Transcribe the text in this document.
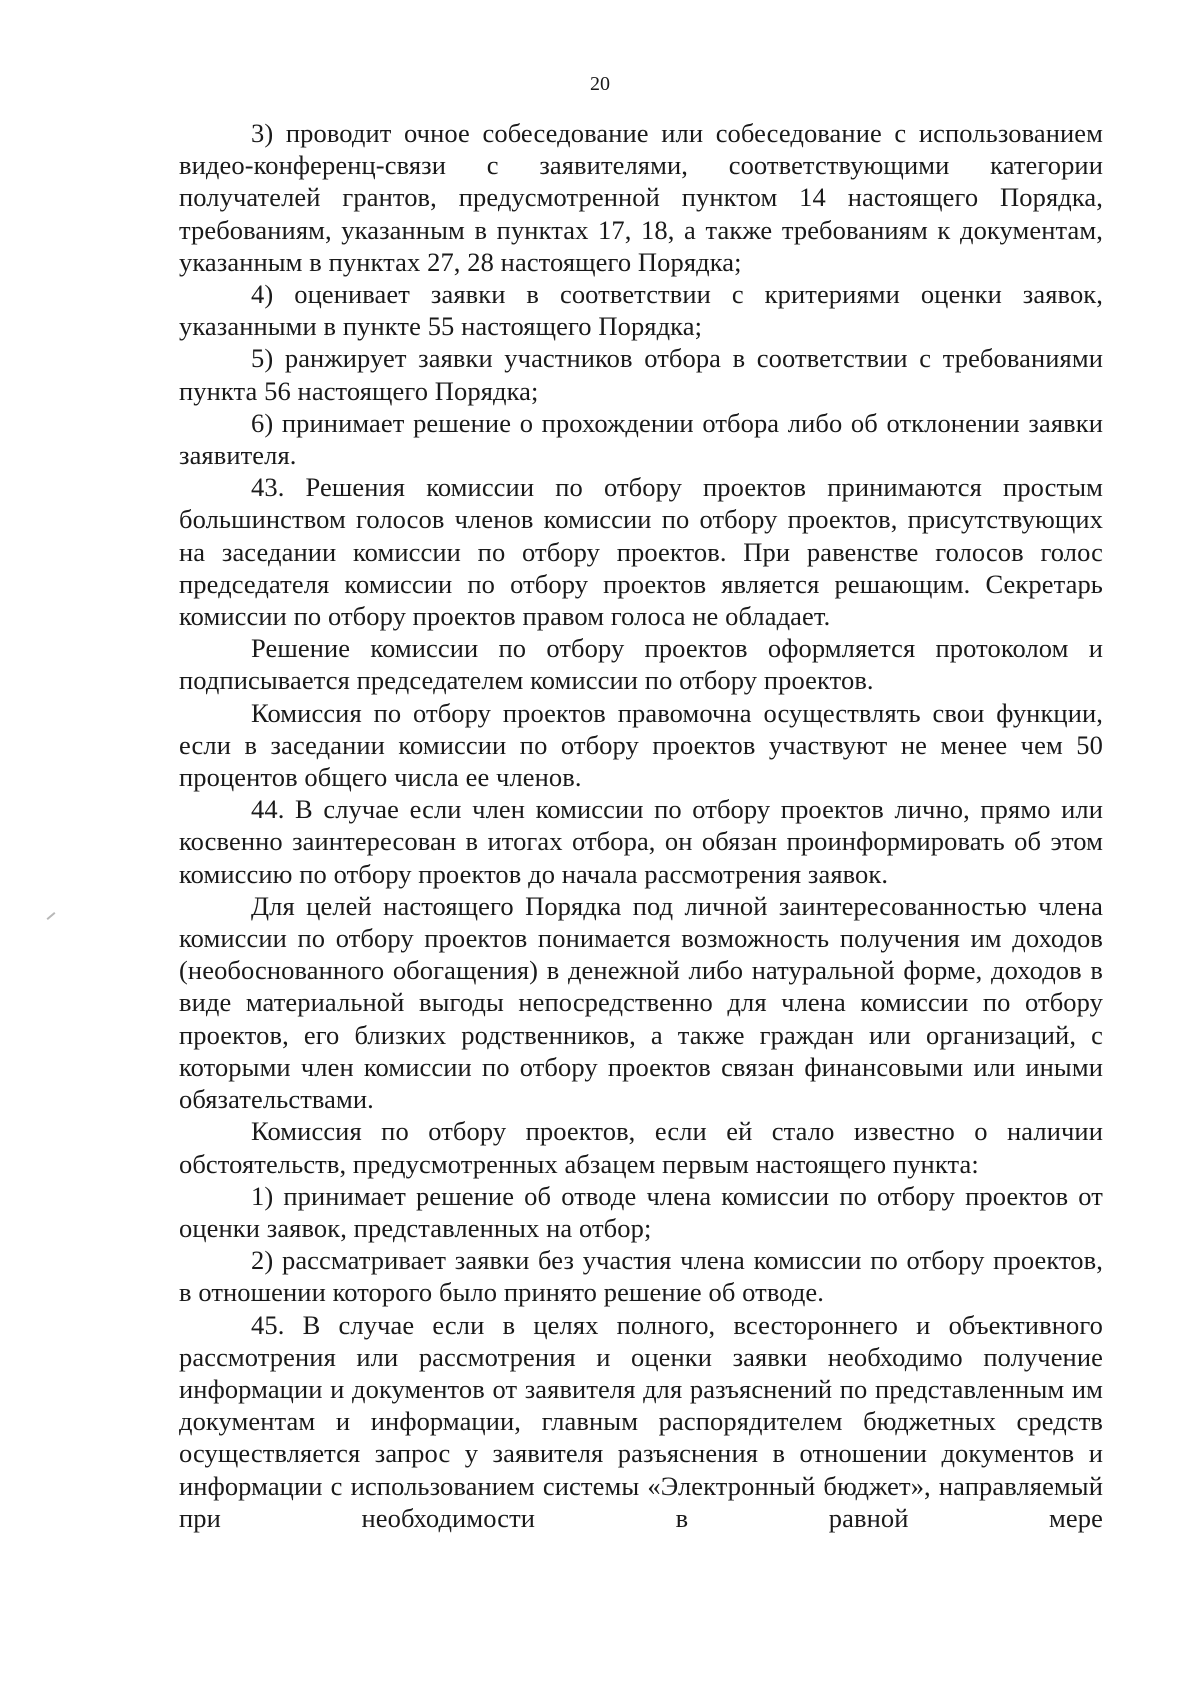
20

3) проводит очное собеседование или собеседование с использованием видео-конференц-связи с заявителями, соответствующими категории получателей грантов, предусмотренной пунктом 14 настоящего Порядка, требованиям, указанным в пунктах 17, 18, а также требованиям к документам, указанным в пунктах 27, 28 настоящего Порядка;

4) оценивает заявки в соответствии с критериями оценки заявок, указанными в пункте 55 настоящего Порядка;

5) ранжирует заявки участников отбора в соответствии с требованиями пункта 56 настоящего Порядка;

6) принимает решение о прохождении отбора либо об отклонении заявки заявителя.

43. Решения комиссии по отбору проектов принимаются простым большинством голосов членов комиссии по отбору проектов, присутствующих на заседании комиссии по отбору проектов. При равенстве голосов голос председателя комиссии по отбору проектов является решающим. Секретарь комиссии по отбору проектов правом голоса не обладает.

Решение комиссии по отбору проектов оформляется протоколом и подписывается председателем комиссии по отбору проектов.

Комиссия по отбору проектов правомочна осуществлять свои функции, если в заседании комиссии по отбору проектов участвуют не менее чем 50 процентов общего числа ее членов.

44. В случае если член комиссии по отбору проектов лично, прямо или косвенно заинтересован в итогах отбора, он обязан проинформировать об этом комиссию по отбору проектов до начала рассмотрения заявок.

Для целей настоящего Порядка под личной заинтересованностью члена комиссии по отбору проектов понимается возможность получения им доходов (необоснованного обогащения) в денежной либо натуральной форме, доходов в виде материальной выгоды непосредственно для члена комиссии по отбору проектов, его близких родственников, а также граждан или организаций, с которыми член комиссии по отбору проектов связан финансовыми или иными обязательствами.

Комиссия по отбору проектов, если ей стало известно о наличии обстоятельств, предусмотренных абзацем первым настоящего пункта:

1) принимает решение об отводе члена комиссии по отбору проектов от оценки заявок, представленных на отбор;

2) рассматривает заявки без участия члена комиссии по отбору проектов, в отношении которого было принято решение об отводе.

45. В случае если в целях полного, всестороннего и объективного рассмотрения или рассмотрения и оценки заявки необходимо получение информации и документов от заявителя для разъяснений по представленным им документам и информации, главным распорядителем бюджетных средств осуществляется запрос у заявителя разъяснения в отношении документов и информации с использованием системы «Электронный бюджет», направляемый при необходимости в равной мере
